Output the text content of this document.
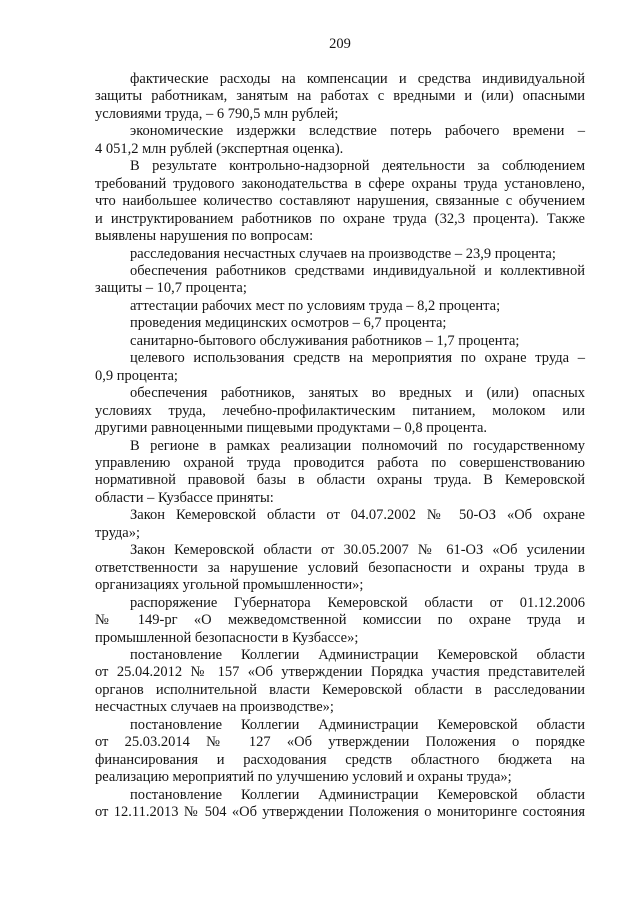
209
фактические расходы на компенсации и средства индивидуальной
защиты работникам, занятым на работах с вредными и (или) опасными
условиями труда, – 6 790,5 млн рублей;
экономические издержки вследствие потерь рабочего времени –
4 051,2 млн рублей (экспертная оценка).
В результате контрольно-надзорной деятельности за соблюдением
требований трудового законодательства в сфере охраны труда установлено,
что наибольшее количество составляют нарушения, связанные с обучением
и инструктированием работников по охране труда (32,3 процента). Также
выявлены нарушения по вопросам:
расследования несчастных случаев на производстве – 23,9 процента;
обеспечения работников средствами индивидуальной и коллективной
защиты – 10,7 процента;
аттестации рабочих мест по условиям труда – 8,2 процента;
проведения медицинских осмотров – 6,7 процента;
санитарно-бытового обслуживания работников – 1,7 процента;
целевого использования средств на мероприятия по охране труда –
0,9 процента;
обеспечения работников, занятых во вредных и (или) опасных
условиях труда, лечебно-профилактическим питанием, молоком или
другими равноценными пищевыми продуктами – 0,8 процента.
В регионе в рамках реализации полномочий по государственному
управлению охраной труда проводится работа по совершенствованию
нормативной правовой базы в области охраны труда. В Кемеровской
области – Кузбассе приняты:
Закон Кемеровской области от 04.07.2002 № 50-ОЗ «Об охране
труда»;
Закон Кемеровской области от 30.05.2007 № 61-ОЗ «Об усилении
ответственности за нарушение условий безопасности и охраны труда в
организациях угольной промышленности»;
распоряжение Губернатора Кемеровской области от 01.12.2006
№ 149-рг «О межведомственной комиссии по охране труда и
промышленной безопасности в Кузбассе»;
постановление Коллегии Администрации Кемеровской области
от 25.04.2012 № 157 «Об утверждении Порядка участия представителей
органов исполнительной власти Кемеровской области в расследовании
несчастных случаев на производстве»;
постановление Коллегии Администрации Кемеровской области
от 25.03.2014 № 127 «Об утверждении Положения о порядке
финансирования и расходования средств областного бюджета на
реализацию мероприятий по улучшению условий и охраны труда»;
постановление Коллегии Администрации Кемеровской области
от 12.11.2013 № 504 «Об утверждении Положения о мониторинге состояния
